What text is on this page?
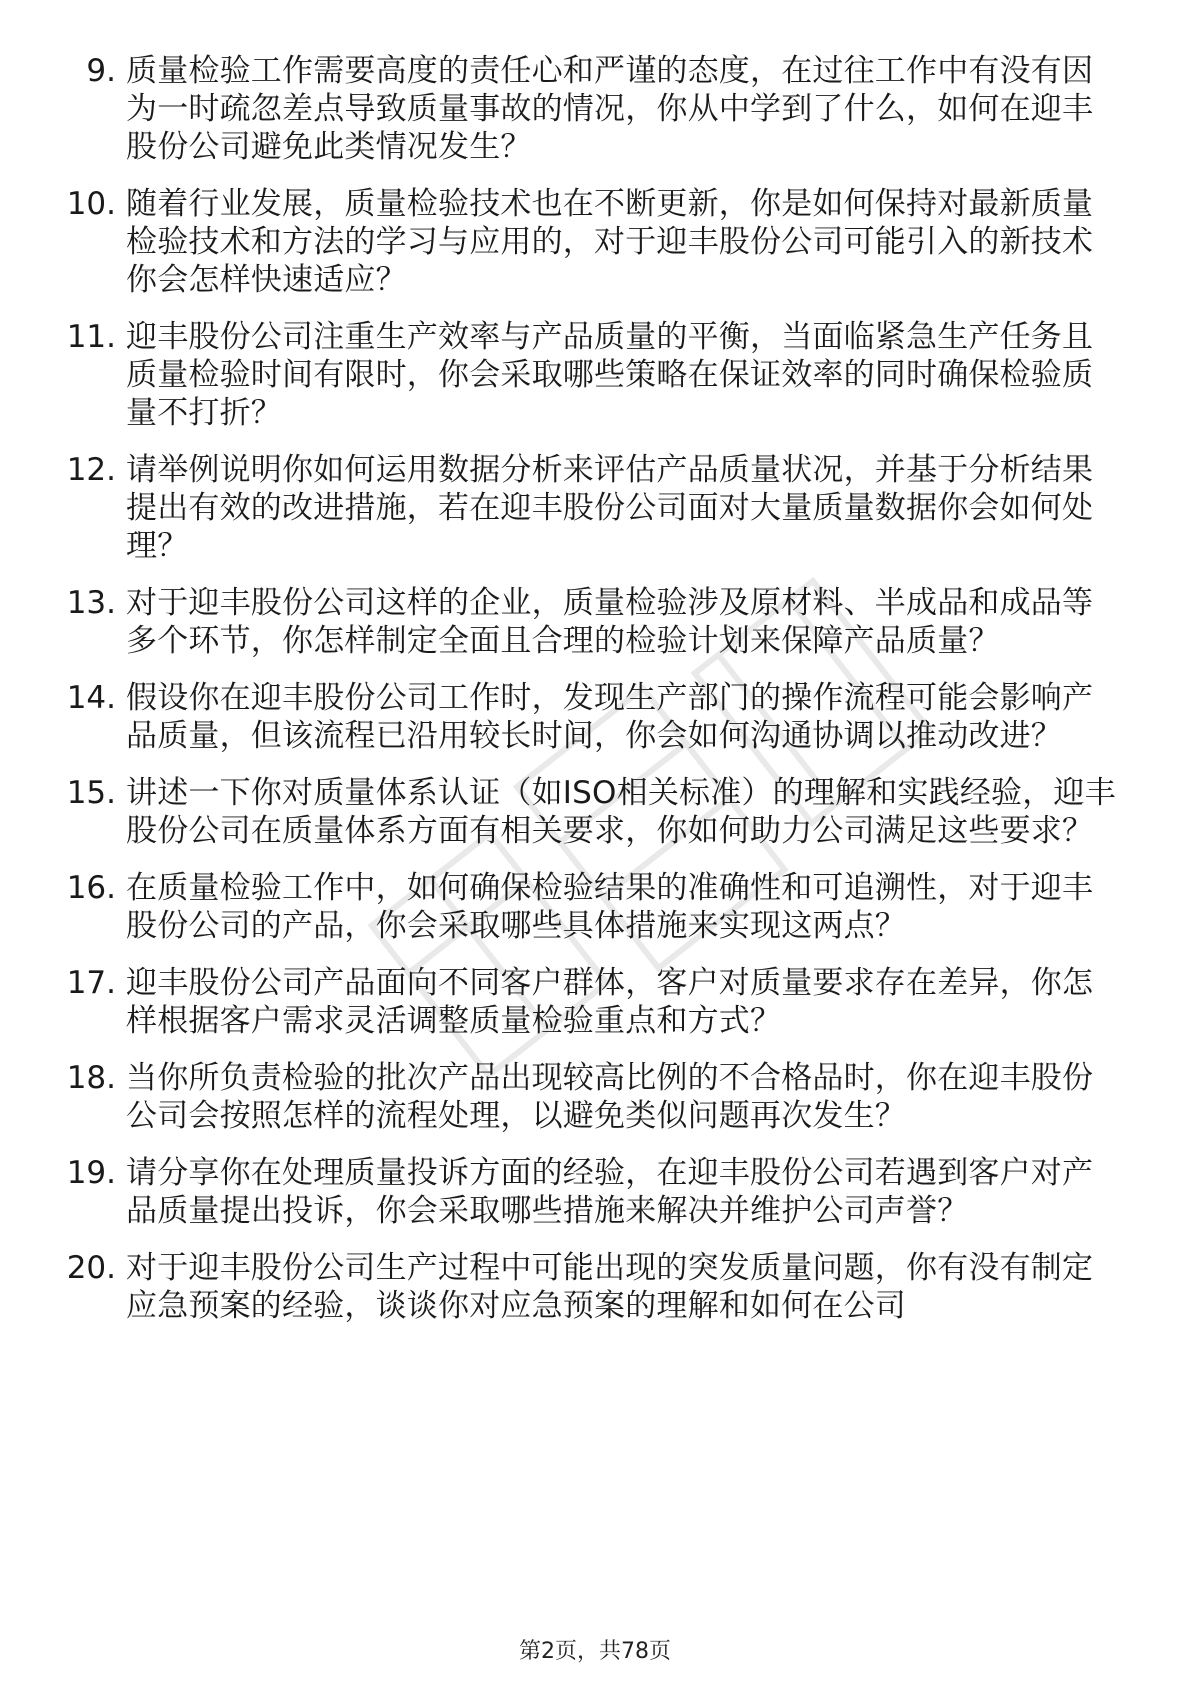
9. 质量检验工作需要高度的责任心和严谨的态度，在过往工作中有没有因为一时疏忽差点导致质量事故的情况，你从中学到了什么，如何在迎丰股份公司避免此类情况发生？
10. 随着行业发展，质量检验技术也在不断更新，你是如何保持对最新质量检验技术和方法的学习与应用的，对于迎丰股份公司可能引入的新技术你会怎样快速适应？
11. 迎丰股份公司注重生产效率与产品质量的平衡，当面临紧急生产任务且质量检验时间有限时，你会采取哪些策略在保证效率的同时确保检验质量不打折？
12. 请举例说明你如何运用数据分析来评估产品质量状况，并基于分析结果提出有效的改进措施，若在迎丰股份公司面对大量质量数据你会如何处理？
13. 对于迎丰股份公司这样的企业，质量检验涉及原材料、半成品和成品等多个环节，你怎样制定全面且合理的检验计划来保障产品质量？
14. 假设你在迎丰股份公司工作时，发现生产部门的操作流程可能会影响产品质量，但该流程已沿用较长时间，你会如何沟通协调以推动改进？
15. 讲述一下你对质量体系认证（如ISO相关标准）的理解和实践经验，迎丰股份公司在质量体系方面有相关要求，你如何助力公司满足这些要求？
16. 在质量检验工作中，如何确保检验结果的准确性和可追溯性，对于迎丰股份公司的产品，你会采取哪些具体措施来实现这两点？
17. 迎丰股份公司产品面向不同客户群体，客户对质量要求存在差异，你怎样根据客户需求灵活调整质量检验重点和方式？
18. 当你所负责检验的批次产品出现较高比例的不合格品时，你在迎丰股份公司会按照怎样的流程处理，以避免类似问题再次发生？
19. 请分享你在处理质量投诉方面的经验，在迎丰股份公司若遇到客户对产品质量提出投诉，你会采取哪些措施来解决并维护公司声誉？
20. 对于迎丰股份公司生产过程中可能出现的突发质量问题，你有没有制定应急预案的经验，谈谈你对应急预案的理解和如何在公司
第2页，共78页
